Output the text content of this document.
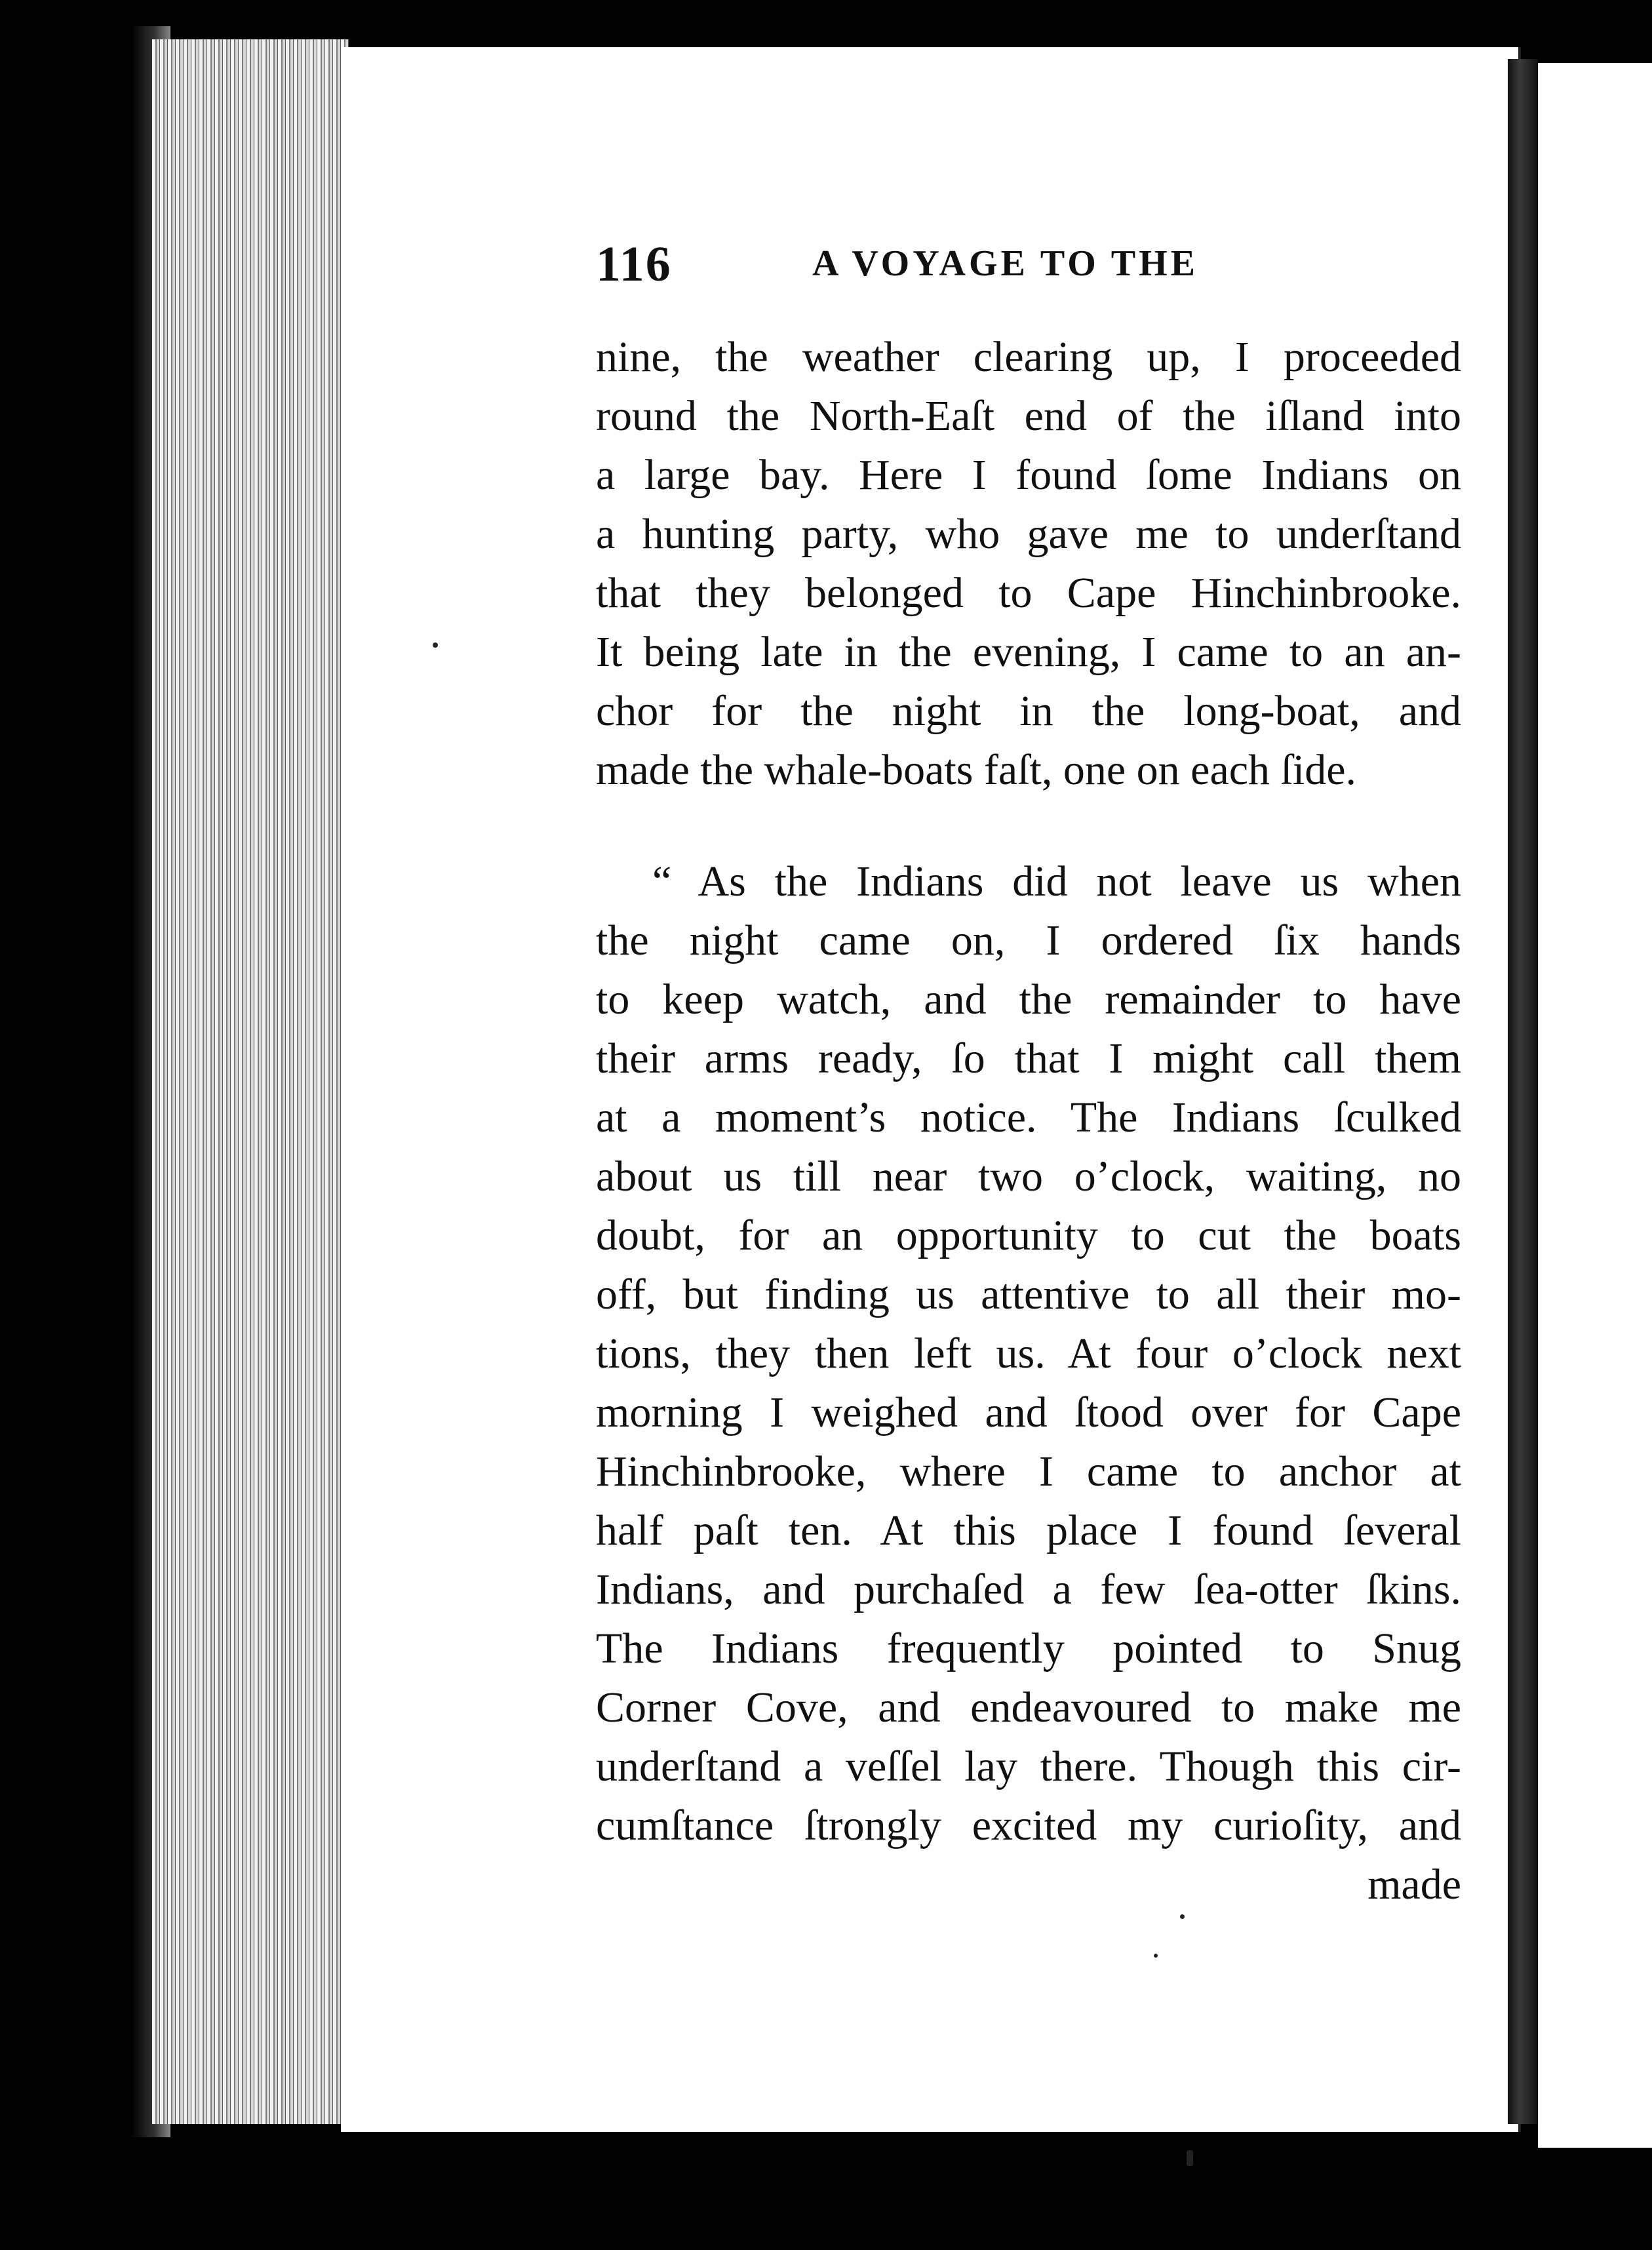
116	A VOYAGE TO THE
nine, the weather clearing up, I proceeded
round the North-Eaſt end of the iſland into
a large bay. Here I found ſome Indians on
a hunting party, who gave me to underſtand
that they belonged to Cape Hinchinbrooke.
It being late in the evening, I came to an an-
chor for the night in the long-boat, and
made the whale-boats faſt, one on each ſide.
“ As the Indians did not leave us when
the night came on, I ordered ſix hands
to keep watch, and the remainder to have
their arms ready, ſo that I might call them
at a moment’s notice. The Indians ſculked
about us till near two o’clock, waiting, no
doubt, for an opportunity to cut the boats
off, but finding us attentive to all their mo-
tions, they then left us. At four o’clock next
morning I weighed and ſtood over for Cape
Hinchinbrooke, where I came to anchor at
half paſt ten. At this place I found ſeveral
Indians, and purchaſed a few ſea-otter ſkins.
The Indians frequently pointed to Snug
Corner Cove, and endeavoured to make me
underſtand a veſſel lay there. Though this cir-
cumſtance ſtrongly excited my curioſity, and
made
